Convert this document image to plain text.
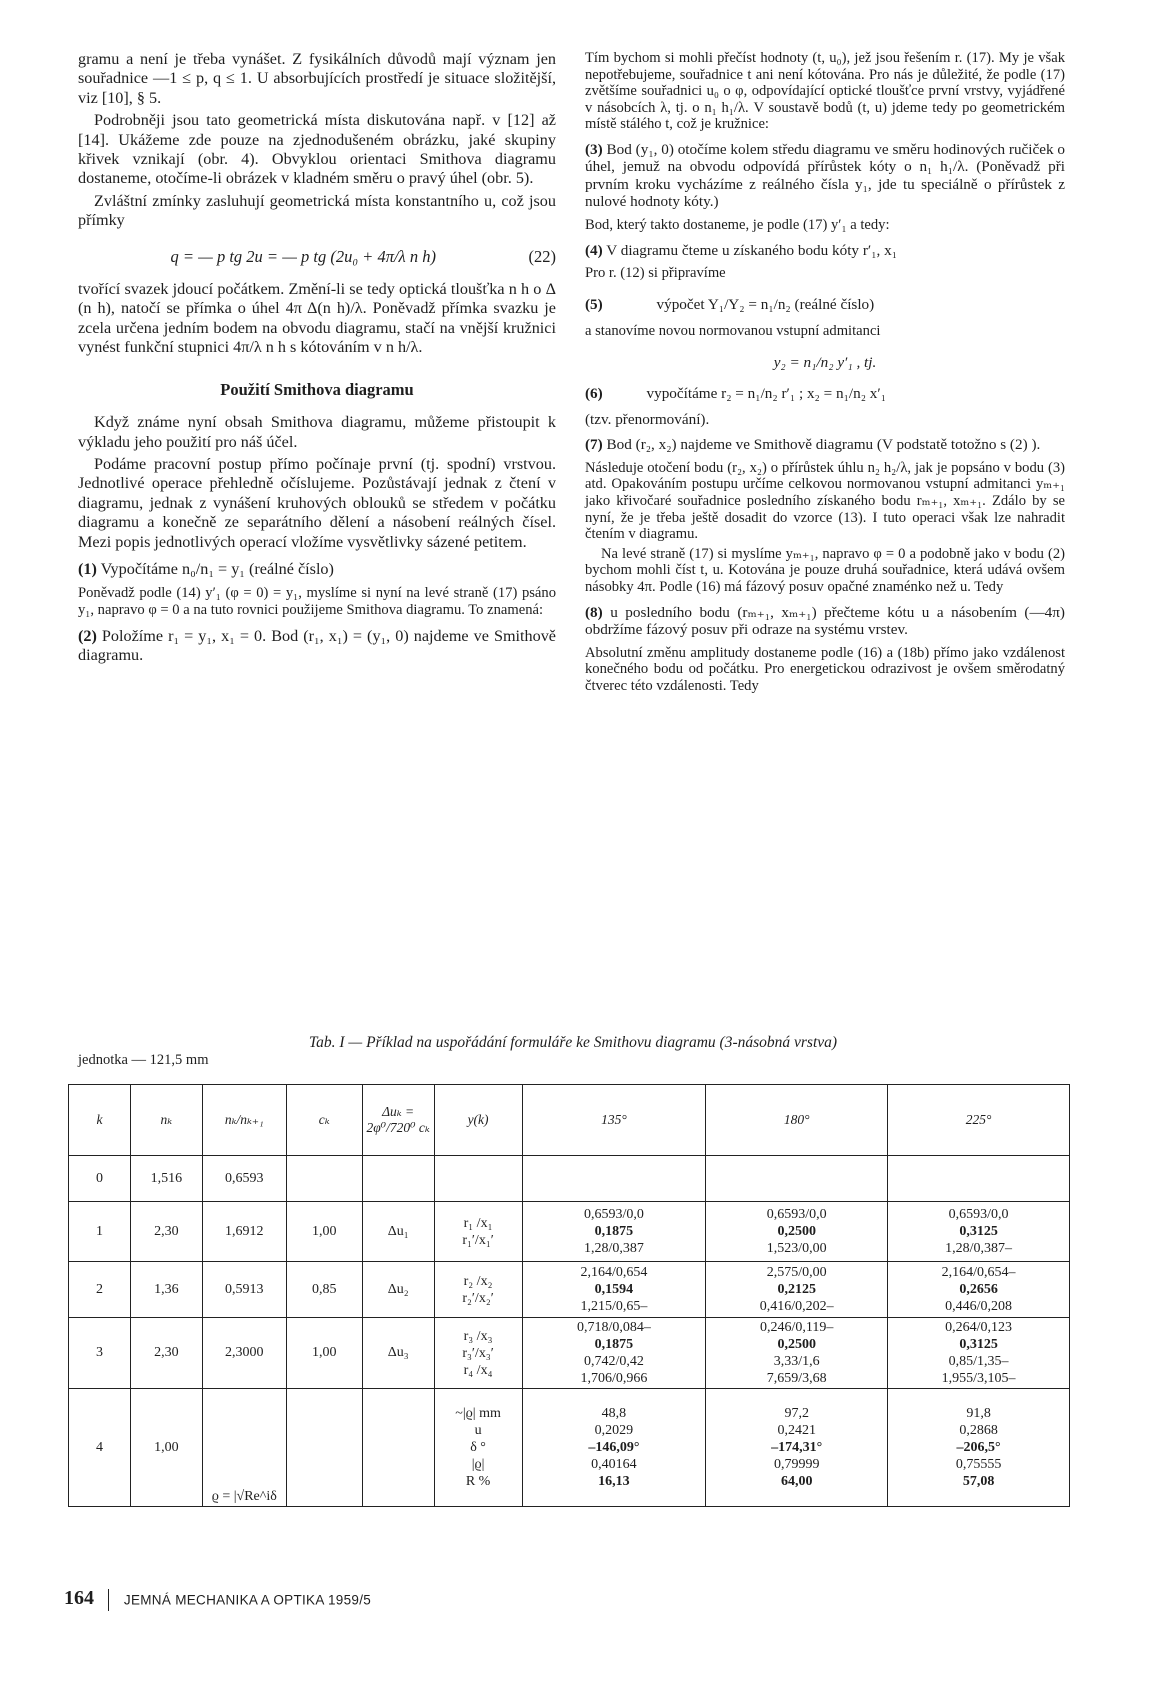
gramu a není je třeba vynášet. Z fysikálních důvodů mají význam jen souřadnice —1 ≤ p, q ≤ 1. U absorbujících prostředí je situace složitější, viz [10], § 5.

Podrobněji jsou tato geometrická místa diskutována např. v [12] až [14]. Ukážeme zde pouze na zjednodušeném obrázku, jaké skupiny křivek vznikají (obr. 4). Obvyklou orientaci Smithova diagramu dostaneme, otočíme-li obrázek v kladném směru o pravý úhel (obr. 5).

Zvláštní zmínky zasluhují geometrická místa konstantního u, což jsou přímky

(22)
q = — p tg 2u = — p tg (2u₀ + 4π/λ n h)

tvořící svazek jdoucí počátkem. Změní-li se tedy optická tloušťka n h o Δ (n h), natočí se přímka o úhel 4π Δ(n h)/λ. Poněvadž přímka svazku je zcela určena jedním bodem na obvodu diagramu, stačí na vnější kružnici vynést funkční stupnici 4π/λ n h s kótováním v n h/λ.

Použití Smithova diagramu

Když známe nyní obsah Smithova diagramu, můžeme přistoupit k výkladu jeho použití pro náš účel.

Podáme pracovní postup přímo počínaje první (tj. spodní) vrstvou. Jednotlivé operace přehledně očíslujeme. Pozůstávají jednak z čtení v diagramu, jednak z vynášení kruhových oblouků se středem v počátku diagramu a konečně ze separátního dělení a násobení reálných čísel. Mezi popis jednotlivých operací vložíme vysvětlivky sázené petitem.

(1) Vypočítáme n₀/n₁ = y₁ (reálné číslo)

Poněvadž podle (14) y′₁ (φ = 0) = y₁, myslíme si nyní na levé straně (17) psáno y₁, napravo φ = 0 a na tuto rovnici použijeme Smithova diagramu. To znamená:

(2) Položíme r₁ = y₁, x₁ = 0. Bod (r₁, x₁) = (y₁, 0) najdeme ve Smithově diagramu.

Tím bychom si mohli přečíst hodnoty (t, u₀), jež jsou řešením r. (17). My je však nepotřebujeme, souřadnice t ani není kótována. Pro nás je důležité, že podle (17) zvětšíme souřadnici u₀ o φ, odpovídající optické tloušťce první vrstvy, vyjádřené v násobcích λ, tj. o n₁ h₁/λ. V soustavě bodů (t, u) jdeme tedy po geometrickém místě stálého t, což je kružnice:

(3) Bod (y₁, 0) otočíme kolem středu diagramu ve směru hodinových ručiček o úhel, jemuž na obvodu odpovídá přírůstek kóty o n₁ h₁/λ. (Poněvadž při prvním kroku vycházíme z reálného čísla y₁, jde tu speciálně o přírůstek z nulové hodnoty kóty.)

Bod, který takto dostaneme, je podle (17) y′₁ a tedy:

(4) V diagramu čteme u získaného bodu kóty r′₁, x₁

Pro r. (12) si připravíme

(5)	výpočet Y₁/Y₂ = n₁/n₂ (reálné číslo)

a stanovíme novou normovanou vstupní admitanci

y₂ = n₁/n₂ y′₁ , tj.
(6)	vypočítáme r₂ = n₁/n₂ r′₁ ; x₂ = n₁/n₂ x′₁

(tzv. přenormování).

(7) Bod (r₂, x₂) najdeme ve Smithově diagramu (V podstatě totožno s (2) ).

Následuje otočení bodu (r₂, x₂) o přírůstek úhlu n₂ h₂/λ, jak je popsáno v bodu (3) atd. Opakováním postupu určíme celkovou normovanou vstupní admitanci yₘ₊₁ jako křivočaré souřadnice posledního získaného bodu rₘ₊₁, xₘ₊₁. Zdálo by se nyní, že je třeba ještě dosadit do vzorce (13). I tuto operaci však lze nahradit čtením v diagramu.

Na levé straně (17) si myslíme yₘ₊₁, napravo φ = 0 a podobně jako v bodu (2) bychom mohli číst t, u. Kotována je pouze druhá souřadnice, která udává ovšem násobky 4π. Podle (16) má fázový posuv opačné znaménko než u. Tedy

(8) u posledního bodu (rₘ₊₁, xₘ₊₁) přečteme kótu u a násobením (—4π) obdržíme fázový posuv při odraze na systému vrstev.

Absolutní změnu amplitudy dostaneme podle (16) a (18b) přímo jako vzdálenost konečného bodu od počátku. Pro energetickou odrazivost je ovšem směrodatný čtverec této vzdálenosti. Tedy

Tab. I — Příklad na uspořádání formuláře ke Smithovu diagramu (3-násobná vrstva)
jednotka — 121,5 mm
k	nₖ	nₖ/nₖ₊₁	cₖ	Δuₖ = 2φ⁰/720⁰ cₖ	y(k)	135°	180°	225°
0	1,516	0,6593						
1	2,30	1,6912	1,00	Δu₁	r₁ /x₁
r₁′/x₁′	0,6593/0,0
0,1875
1,28/0,387	0,6593/0,0
0,2500
1,523/0,00	0,6593/0,0
0,3125
1,28/0,387–

2	1,36	0,5913	0,85	Δu₂	r₂ /x₂
r₂′/x₂′	2,164/0,654
0,1594
1,215/0,65–	2,575/0,00
0,2125
0,416/0,202–	2,164/0,654–
0,2656
0,446/0,208

3	2,30	2,3000	1,00	Δu₃	r₃ /x₃
r₃′/x₃′
r₄ /x₄	0,718/0,084–
0,1875
0,742/0,42
1,706/0,966	0,246/0,119–
0,2500
3,33/1,6
7,659/3,68	0,264/0,123
0,3125
0,85/1,35–
1,955/3,105–

4	1,00	ϱ = |√Re^iδ			~|ϱ| mm
u
δ °
|ϱ|
R %	48,8
0,2029
–146,09°
0,40164
16,13	97,2
0,2421
–174,31°
0,79999
64,00	91,8
0,2868
–206,5°
0,75555
57,08
164 JEMNÁ MECHANIKA A OPTIKA 1959/5
